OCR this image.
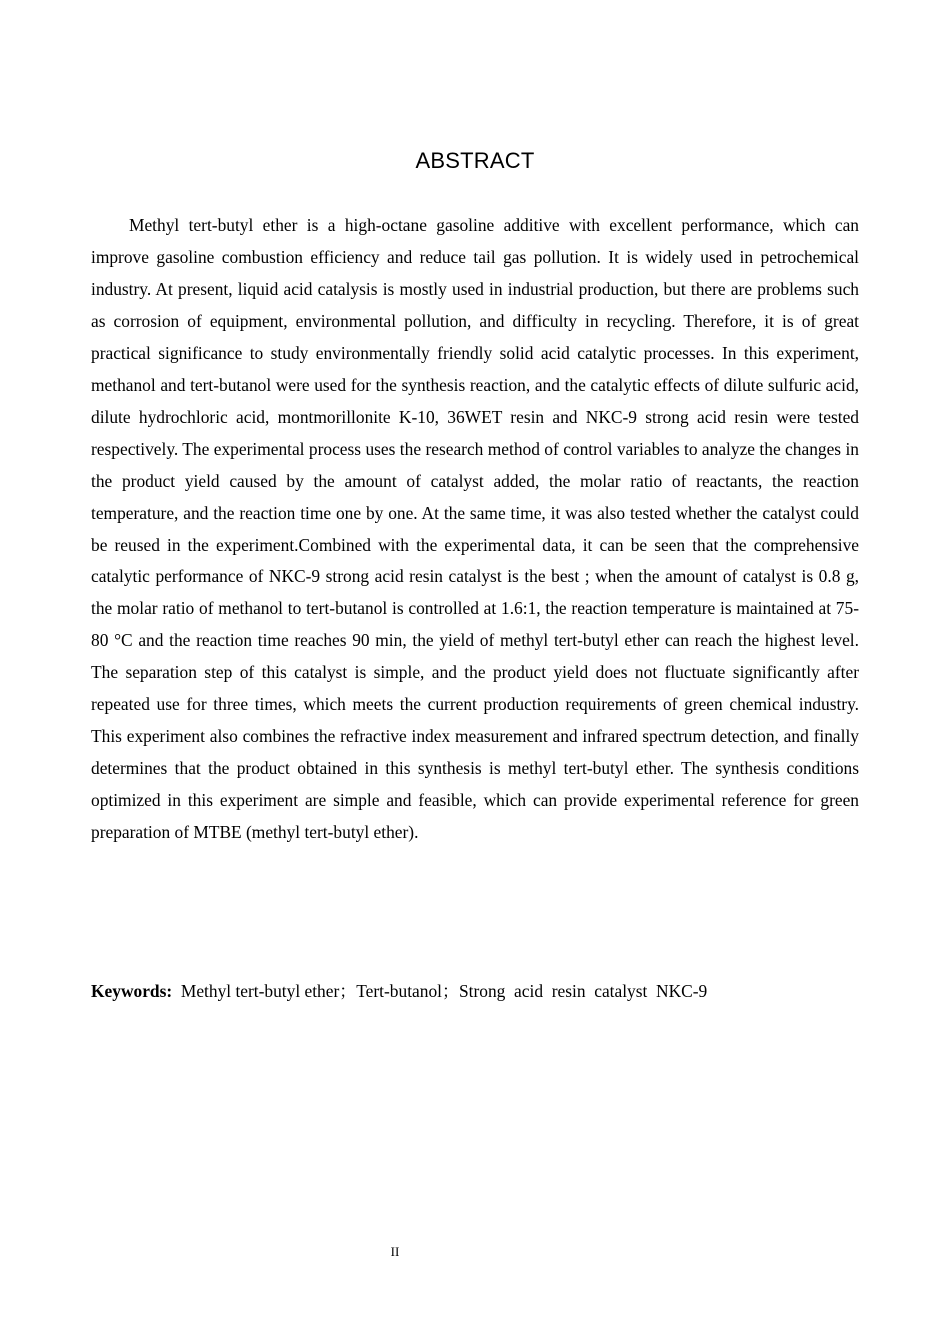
ABSTRACT

Methyl tert-butyl ether is a high-octane gasoline additive with excellent performance, which can improve gasoline combustion efficiency and reduce tail gas pollution. It is widely used in petrochemical industry. At present, liquid acid catalysis is mostly used in industrial production, but there are problems such as corrosion of equipment, environmental pollution, and difficulty in recycling. Therefore, it is of great practical significance to study environmentally friendly solid acid catalytic processes. In this experiment, methanol and tert-butanol were used for the synthesis reaction, and the catalytic effects of dilute sulfuric acid, dilute hydrochloric acid, montmorillonite K-10, 36WET resin and NKC-9 strong acid resin were tested respectively. The experimental process uses the research method of control variables to analyze the changes in the product yield caused by the amount of catalyst added, the molar ratio of reactants, the reaction temperature, and the reaction time one by one. At the same time, it was also tested whether the catalyst could be reused in the experiment.Combined with the experimental data, it can be seen that the comprehensive catalytic performance of NKC-9 strong acid resin catalyst is the best ; when the amount of catalyst is 0.8 g, the molar ratio of methanol to tert-butanol is controlled at 1.6:1, the reaction temperature is maintained at 75-80 °C and the reaction time reaches 90 min, the yield of methyl tert-butyl ether can reach the highest level. The separation step of this catalyst is simple, and the product yield does not fluctuate significantly after repeated use for three times, which meets the current production requirements of green chemical industry. This experiment also combines the refractive index measurement and infrared spectrum detection, and finally determines that the product obtained in this synthesis is methyl tert-butyl ether. The synthesis conditions optimized in this experiment are simple and feasible, which can provide experimental reference for green preparation of MTBE (methyl tert-butyl ether).

Keywords: Methyl tert-butyl ether；Tert-butanol；Strong  acid  resin  catalyst  NKC-9

II
